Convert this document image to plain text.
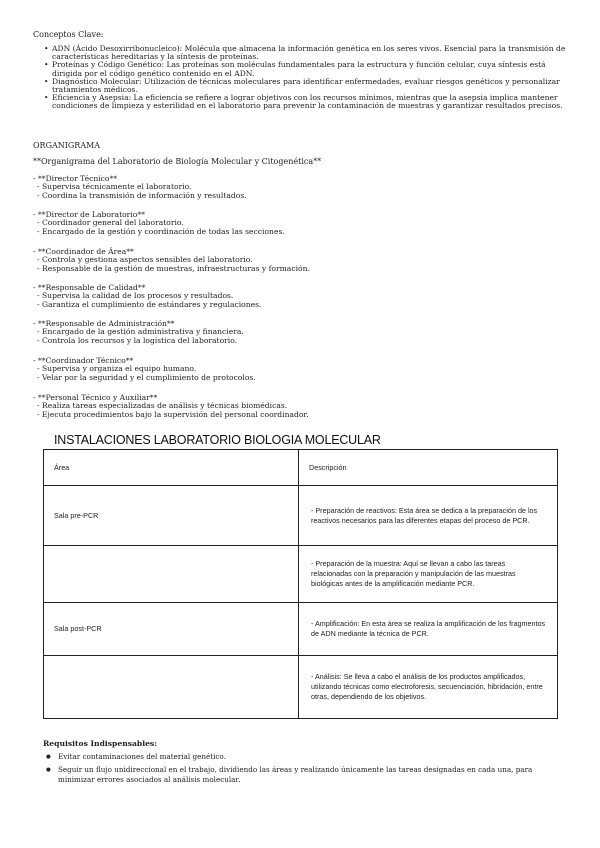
Conceptos Clave:
• ADN (Ácido Desoxirribonucleico): Molécula que almacena la información genética en los seres vivos. Esencial para la transmisión de características hereditarias y la síntesis de proteínas.
• Proteínas y Código Genético: Las proteínas son moléculas fundamentales para la estructura y función celular, cuya síntesis está dirigida por el código genético contenido en el ADN.
• Diagnóstico Molecular: Utilización de técnicas moleculares para identificar enfermedades, evaluar riesgos genéticos y personalizar tratamientos médicos.
• Eficiencia y Asepsia: La eficiencia se refiere a lograr objetivos con los recursos mínimos, mientras que la asepsia implica mantener condiciones de limpieza y esterilidad en el laboratorio para prevenir la contaminación de muestras y garantizar resultados precisos.
ORGANIGRAMA
**Organigrama del Laboratorio de Biología Molecular y Citogenética**
- **Director Técnico**
- Supervisa técnicamente el laboratorio.
- Coordina la transmisión de información y resultados.
- **Director de Laboratorio**
- Coordinador general del laboratorio.
- Encargado de la gestión y coordinación de todas las secciones.
- **Coordinador de Área**
- Controla y gestiona aspectos sensibles del laboratorio.
- Responsable de la gestión de muestras, infraestructuras y formación.
- **Responsable de Calidad**
- Supervisa la calidad de los procesos y resultados.
- Garantiza el cumplimiento de estándares y regulaciones.
- **Responsable de Administración**
- Encargado de la gestión administrativa y financiera.
- Controla los recursos y la logística del laboratorio.
- **Coordinador Técnico**
- Supervisa y organiza el equipo humano.
- Velar por la seguridad y el cumplimiento de protocolos.
- **Personal Técnico y Auxiliar**
- Realiza tareas especializadas de análisis y técnicas biomédicas.
- Ejecuta procedimientos bajo la supervisión del personal coordinador.
INSTALACIONES LABORATORIO BIOLOGIA MOLECULAR
Área	Descripción
Sala pre-PCR	- Preparación de reactivos: Esta área se dedica a la preparación de los reactivos necesarios para las diferentes etapas del proceso de PCR.
	- Preparación de la muestra: Aquí se llevan a cabo las tareas relacionadas con la preparación y manipulación de las muestras biológicas antes de la amplificación mediante PCR.
Sala post-PCR	- Amplificación: En esta área se realiza la amplificación de los fragmentos de ADN mediante la técnica de PCR.
	- Análisis: Se lleva a cabo el análisis de los productos amplificados, utilizando técnicas como electroforesis, secuenciación, hibridación, entre otras, dependiendo de los objetivos.
Requisitos Indispensables:
● Evitar contaminaciones del material genético.
● Seguir un flujo unidireccional en el trabajo, dividiendo las áreas y realizando únicamente las tareas designadas en cada una, para minimizar errores asociados al análisis molecular.
